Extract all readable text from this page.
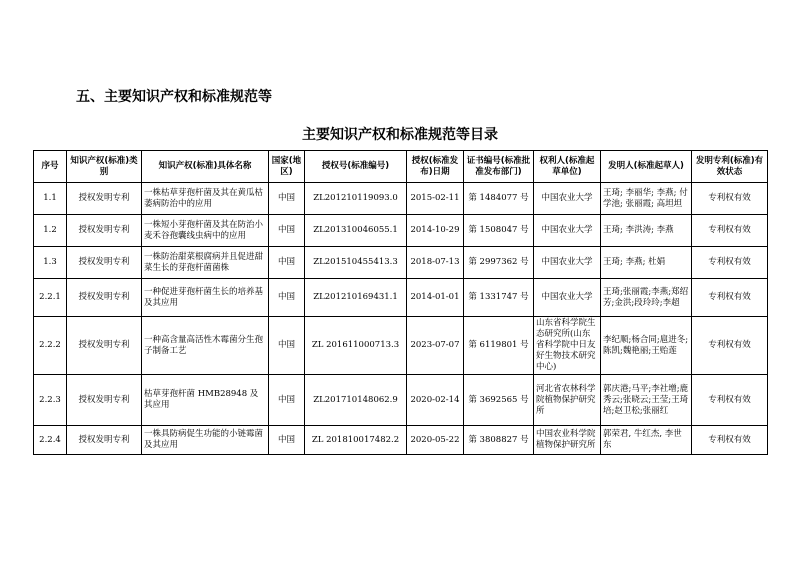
五、主要知识产权和标准规范等
主要知识产权和标准规范等目录
序号	知识产权(标准)类别	知识产权(标准)具体名称	国家(地区)	授权号(标准编号)	授权(标准发布)日期	证书编号(标准批准发布部门)	权利人(标准起草单位)	发明人(标准起草人)	发明专利(标准)有效状态
1.1	授权发明专利	一株枯草芽孢杆菌及其在黄瓜枯萎病防治中的应用	中国	ZL201210119093.0	2015-02-11	第 1484077 号	中国农业大学	王琦; 李丽华; 李燕; 付学池; 张丽霞; 高坦坦	专利权有效
1.2	授权发明专利	一株短小芽孢杆菌及其在防治小麦禾谷孢囊线虫病中的应用	中国	ZL201310046055.1	2014-10-29	第 1508047 号	中国农业大学	王琦; 李洪涛; 李燕	专利权有效
1.3	授权发明专利	一株防治甜菜根腐病并且促进甜菜生长的芽孢杆菌菌株	中国	ZL201510455413.3	2018-07-13	第 2997362 号	中国农业大学	王琦; 李燕; 杜娟	专利权有效
2.2.1	授权发明专利	一种促进芽孢杆菌生长的培养基及其应用	中国	ZL201210169431.1	2014-01-01	第 1331747 号	中国农业大学	王琦;张丽霞;李燕;郑绍芳;金洪;段玲玲;李超	专利权有效
2.2.2	授权发明专利	一种高含量高活性木霉菌分生孢子制备工艺	中国	ZL 201611000713.3	2023-07-07	第 6119801 号	山东省科学院生态研究所(山东省科学院中日友好生物技术研究中心)	李纪顺;杨合同;扈进冬;陈凯;魏艳丽;王贻莲	专利权有效
2.2.3	授权发明专利	枯草芽孢杆菌 HMB28948 及其应用	中国	ZL201710148062.9	2020-02-14	第 3692565 号	河北省农林科学院植物保护研究所	郭庆港;马平;李社增;鹿秀云;张晓云;王莹;王琦培;赵卫松;张丽红	专利权有效
2.2.4	授权发明专利	一株具防病促生功能的小链霉菌及其应用	中国	ZL 201810017482.2	2020-05-22	第 3808827 号	中国农业科学院植物保护研究所	郭荣君, 牛红杰, 李世东	专利权有效
